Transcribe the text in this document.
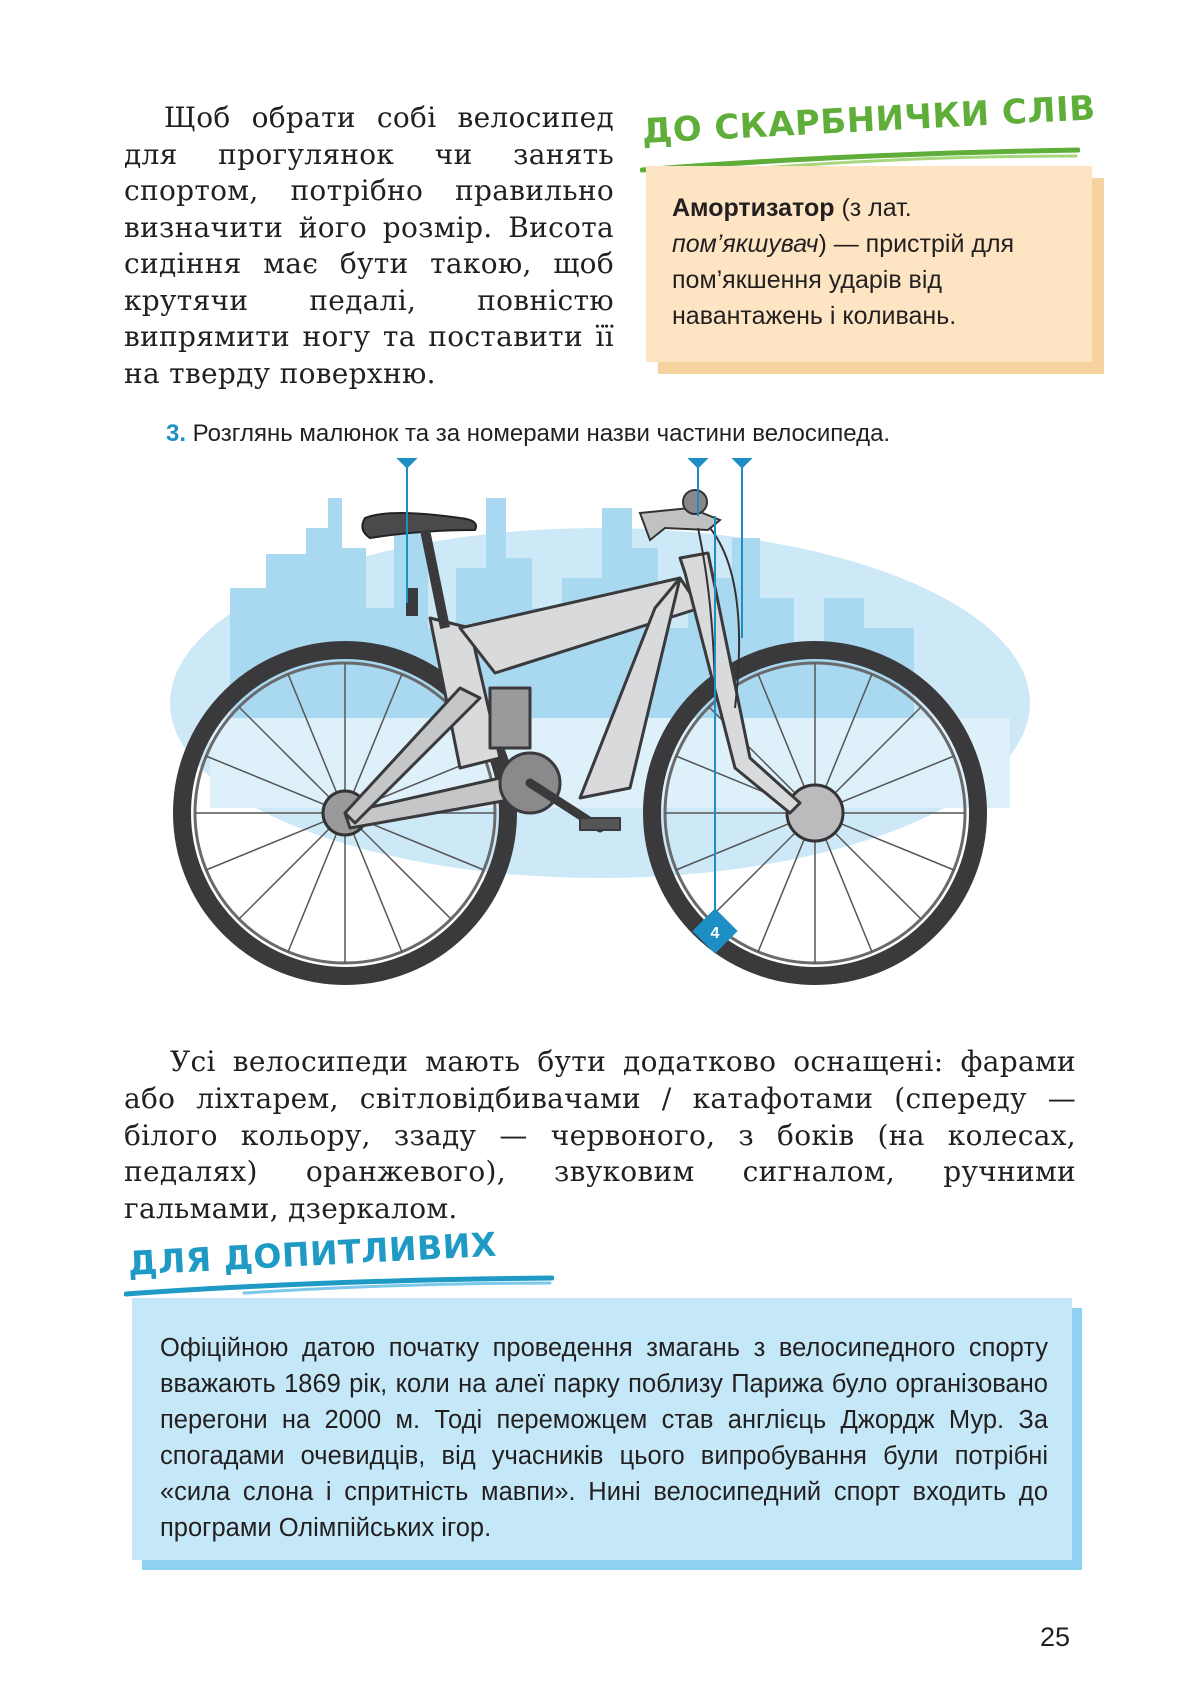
Щоб обрати собі велосипед для прогулянок чи занять спортом, потрібно правильно визначити його розмір. Висота сидіння має бути такою, щоб крутячи педалі, повністю випрямити ногу та поставити її на тверду поверхню.

ДО СКАРБНИЧКИ СЛІВ

Амортизатор (з лат. пом’якшувач) — пристрій для пом’якшення ударів від навантажень і коливань.

3. Розглянь малюнок та за номерами назви частини велосипеда.

4

Усі велосипеди мають бути додатково оснащені: фарами або ліхтарем, світловідбивачами / катафотами (спереду — білого кольору, ззаду — червоного, з боків (на колесах, педалях) оранжевого), звуковим сигналом, ручними гальмами, дзеркалом.

ДЛЯ ДОПИТЛИВИХ

Офіційною датою початку проведення змагань з велосипедного спорту вважають 1869 рік, коли на алеї парку поблизу Парижа було організовано перегони на 2000 м. Тоді переможцем став англієць Джордж Мур. За спогадами очевидців, від учасників цього випробування були потрібні «сила слона і спритність мавпи». Нині велосипедний спорт входить до програми Олімпійських ігор.

25
